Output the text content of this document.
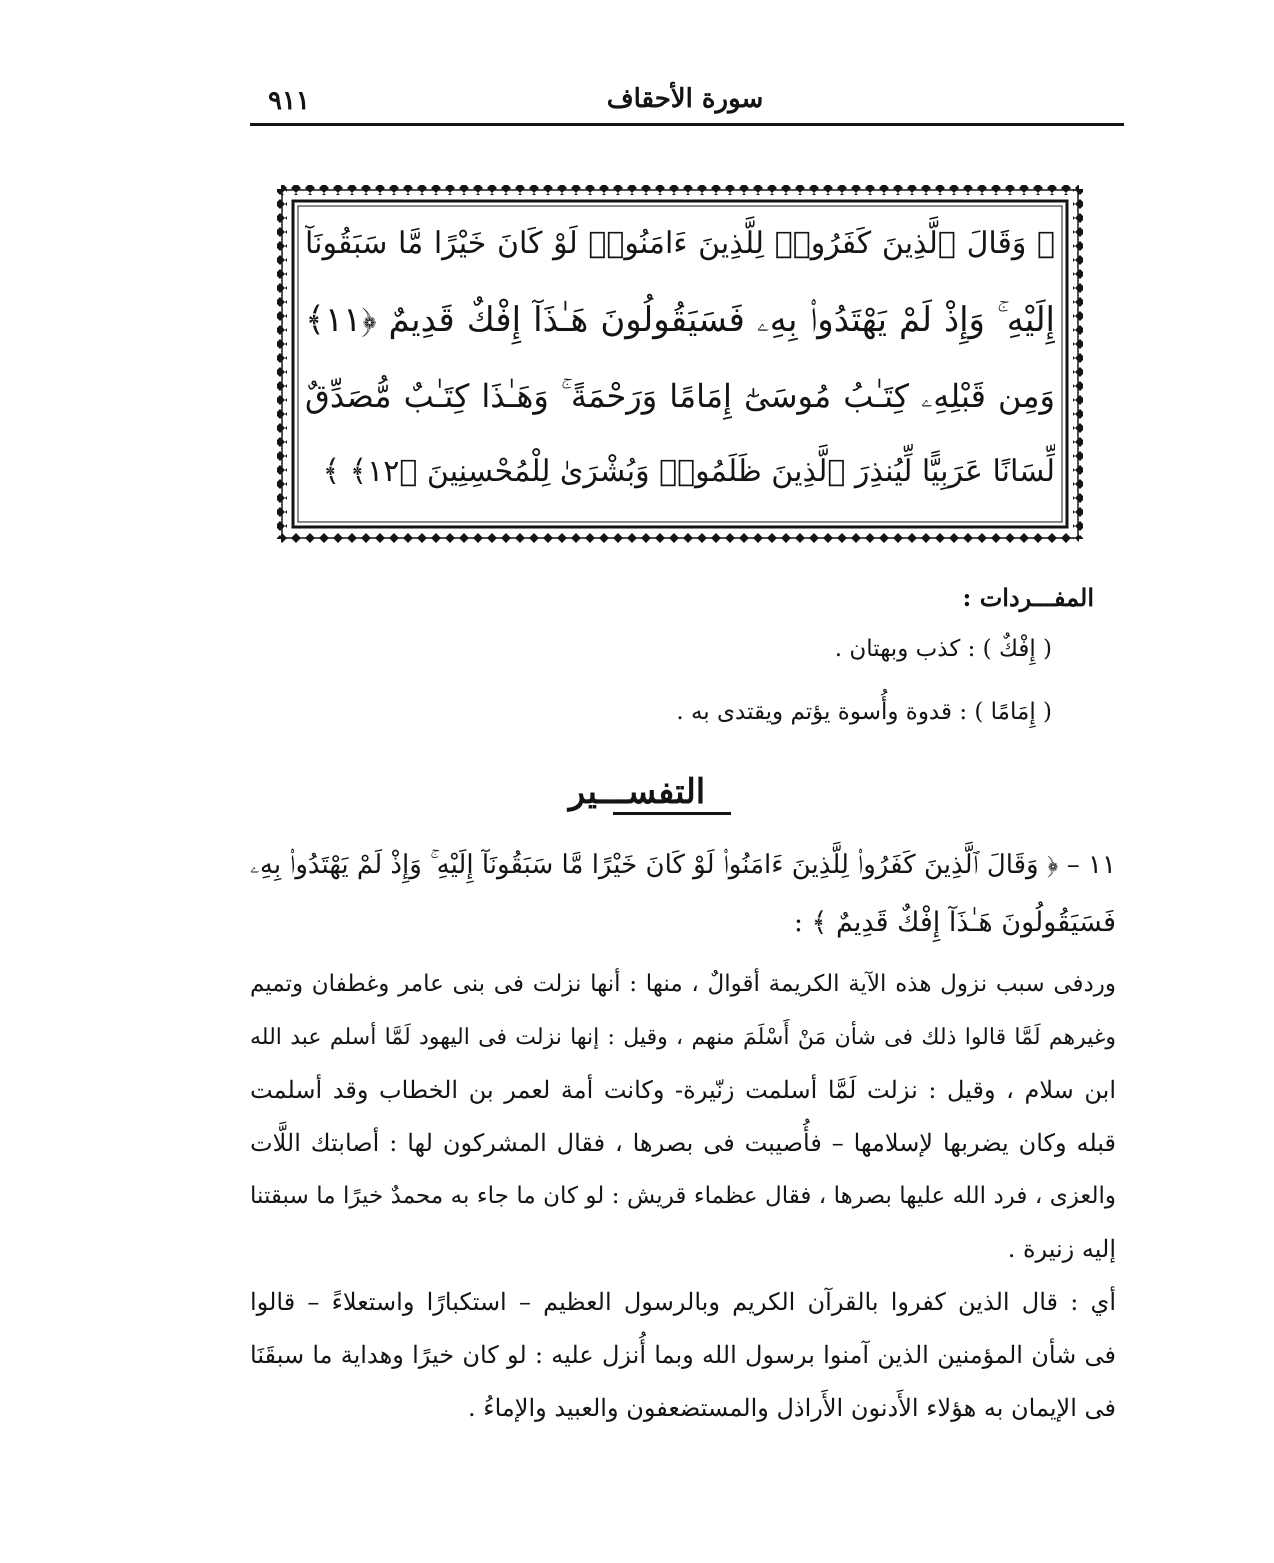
٩١١	سورة الأحقاف
﴿ وَقَالَ ٱلَّذِينَ كَفَرُوا۟ لِلَّذِينَ ءَامَنُوا۟ لَوْ كَانَ خَيْرًا مَّا سَبَقُونَآ
إِلَيْهِ ۚ وَإِذْ لَمْ يَهْتَدُوا۟ بِهِۦ فَسَيَقُولُونَ هَـٰذَآ إِفْكٌ قَدِيمٌ ﴿١١﴾
وَمِن قَبْلِهِۦ كِتَـٰبُ مُوسَىٰٓ إِمَامًا وَرَحْمَةً ۚ وَهَـٰذَا كِتَـٰبٌ مُّصَدِّقٌ
لِّسَانًا عَرَبِيًّا لِّيُنذِرَ ٱلَّذِينَ ظَلَمُوا۟ وَبُشْرَىٰ لِلْمُحْسِنِينَ ﴿١٢﴾ ﴾
المفـــردات :
( إِفْكٌ ) : كذب وبهتان .
( إِمَامًا ) : قدوة وأُسوة يؤتم ويقتدى به .
التفســـير
١١ – ﴿ وَقَالَ ٱلَّذِينَ كَفَرُوا۟ لِلَّذِينَ ءَامَنُوا۟ لَوْ كَانَ خَيْرًا مَّا سَبَقُونَآ إِلَيْهِ ۚ وَإِذْ لَمْ يَهْتَدُوا۟ بِهِۦ
فَسَيَقُولُونَ هَـٰذَآ إِفْكٌ قَدِيمٌ ﴾ :
وردفى سبب نزول هذه الآية الكريمة أقوالٌ ، منها : أنها نزلت فى بنى عامر وغطفان وتميم
وغيرهم لَمَّا قالوا ذلك فى شأن مَنْ أَسْلَمَ منهم ، وقيل : إنها نزلت فى اليهود لَمَّا أسلم عبد الله
ابن سلام ، وقيل : نزلت لَمَّا أسلمت زنّيرة- وكانت أمة لعمر بن الخطاب وقد أسلمت
قبله وكان يضربها لإسلامها – فأُصيبت فى بصرها ، فقال المشركون لها : أصابتك اللَّات
والعزى ، فرد الله عليها بصرها ، فقال عظماء قريش : لو كان ما جاء به محمدٌ خيرًا ما سبقتنا
إليه زنيرة .
أي : قال الذين كفروا بالقرآن الكريم وبالرسول العظيم – استكبارًا واستعلاءً – قالوا
فى شأن المؤمنين الذين آمنوا برسول الله وبما أُنزل عليه : لو كان خيرًا وهداية ما سبقَنَا
فى الإيمان به هؤلاء الأَدنون الأَراذل والمستضعفون والعبيد والإماءُ .
